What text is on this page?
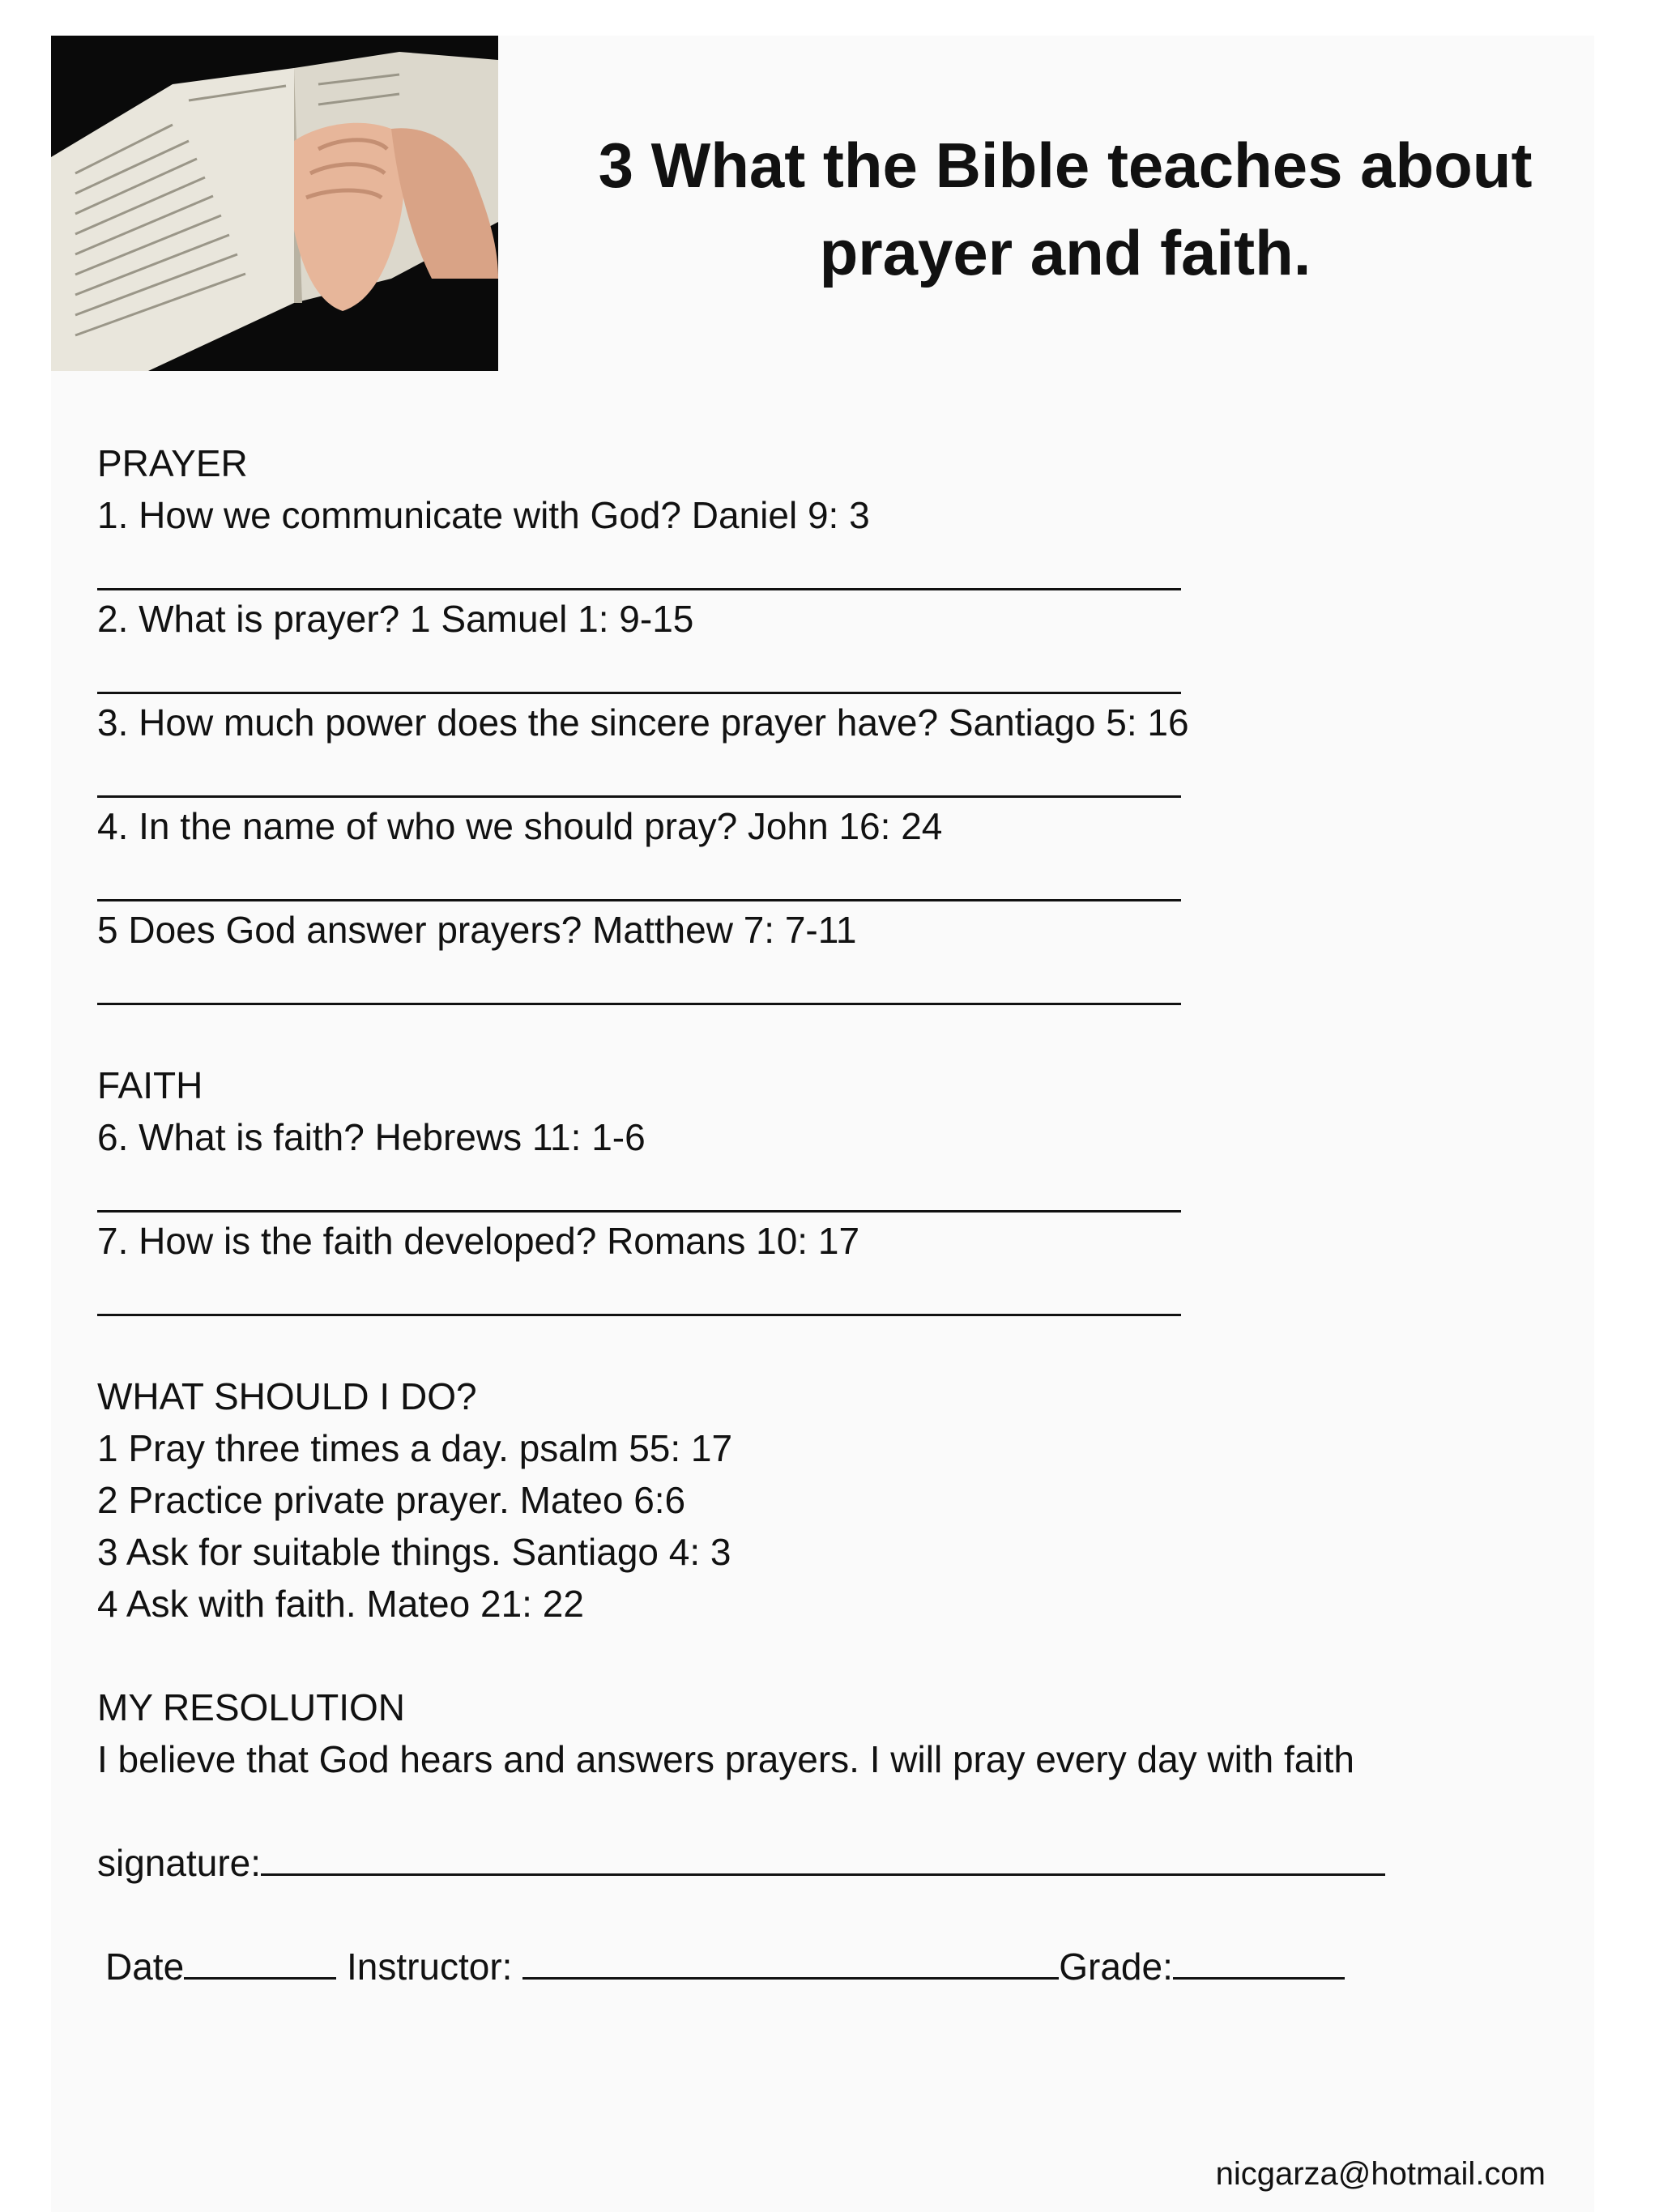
3 What the Bible teaches about
prayer and faith.
PRAYER
1. How we communicate with God? Daniel 9: 3
2. What is prayer? 1 Samuel 1: 9-15
3. How much power does the sincere prayer have? Santiago 5: 16
4. In the name of who we should pray? John 16: 24
5 Does God answer prayers? Matthew 7: 7-11
FAITH
6. What is faith? Hebrews 11: 1-6
7. How is the faith developed? Romans 10: 17
WHAT SHOULD I DO?
1 Pray three times a day. psalm 55: 17
2 Practice private prayer. Mateo 6:6
3 Ask for suitable things. Santiago 4: 3
4 Ask with faith. Mateo 21: 22
MY RESOLUTION
I believe that God hears and answers prayers. I will pray every day with faith
signature:
Date	Instructor:	Grade:
nicgarza@hotmail.com
